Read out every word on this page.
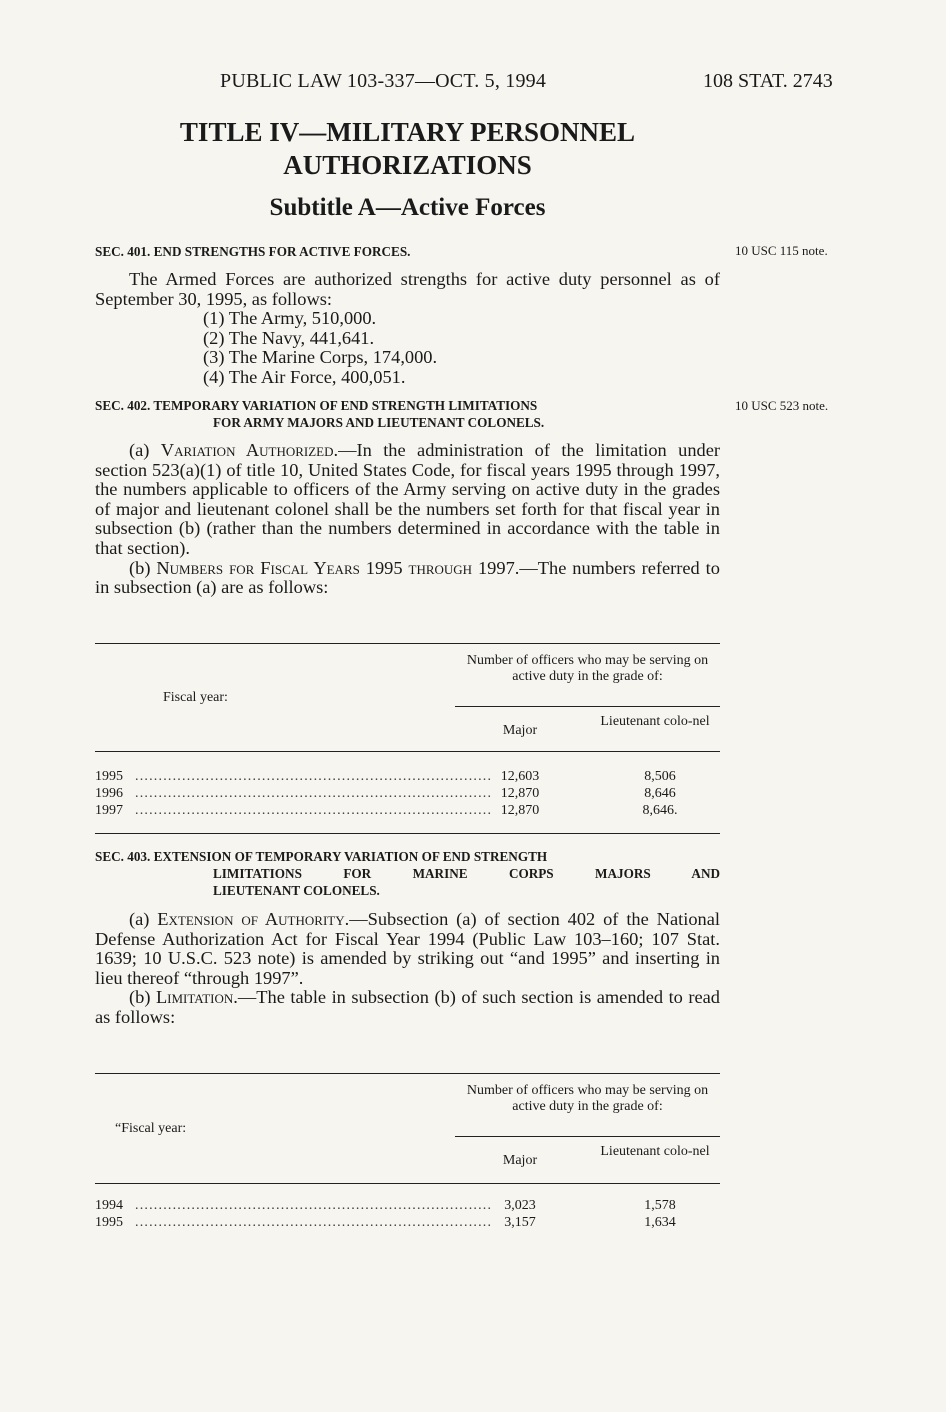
PUBLIC LAW 103-337—OCT. 5, 1994	108 STAT. 2743
TITLE IV—MILITARY PERSONNEL
AUTHORIZATIONS
Subtitle A—Active Forces
SEC. 401. END STRENGTHS FOR ACTIVE FORCES.	10 USC 115 note.

The Armed Forces are authorized strengths for active duty personnel as of September 30, 1995, as follows:

(1) The Army, 510,000.

(2) The Navy, 441,641.

(3) The Marine Corps, 174,000.

(4) The Air Force, 400,051.

SEC. 402. TEMPORARY VARIATION OF END STRENGTH LIMITATIONS
FOR ARMY MAJORS AND LIEUTENANT COLONELS.
10 USC 523 note.

(a) Variation Authorized.—In the administration of the limitation under section 523(a)(1) of title 10, United States Code, for fiscal years 1995 through 1997, the numbers applicable to officers of the Army serving on active duty in the grades of major and lieutenant colonel shall be the numbers set forth for that fiscal year in subsection (b) (rather than the numbers determined in accordance with the table in that section).

(b) Numbers for Fiscal Years 1995 through 1997.—The numbers referred to in subsection (a) are as follows:

Fiscal year:
Number of officers who may be serving on active duty in the grade of:
Major
Lieutenant colo-nel
1995 ............................................................................ 12,603	8,506
1996 ............................................................................ 12,870	8,646
1997 ............................................................................ 12,870	8,646.
SEC. 403. EXTENSION OF TEMPORARY VARIATION OF END STRENGTH
LIMITATIONS FOR MARINE CORPS MAJORS AND
LIEUTENANT COLONELS.

(a) Extension of Authority.—Subsection (a) of section 402 of the National Defense Authorization Act for Fiscal Year 1994 (Public Law 103–160; 107 Stat. 1639; 10 U.S.C. 523 note) is amended by striking out “and 1995” and inserting in lieu thereof “through 1997”.

(b) Limitation.—The table in subsection (b) of such section is amended to read as follows:

“Fiscal year:
Number of officers who may be serving on active duty in the grade of:
Major
Lieutenant colo-nel
1994 ............................................................................ 3,023	1,578
1995 ............................................................................ 3,157	1,634
